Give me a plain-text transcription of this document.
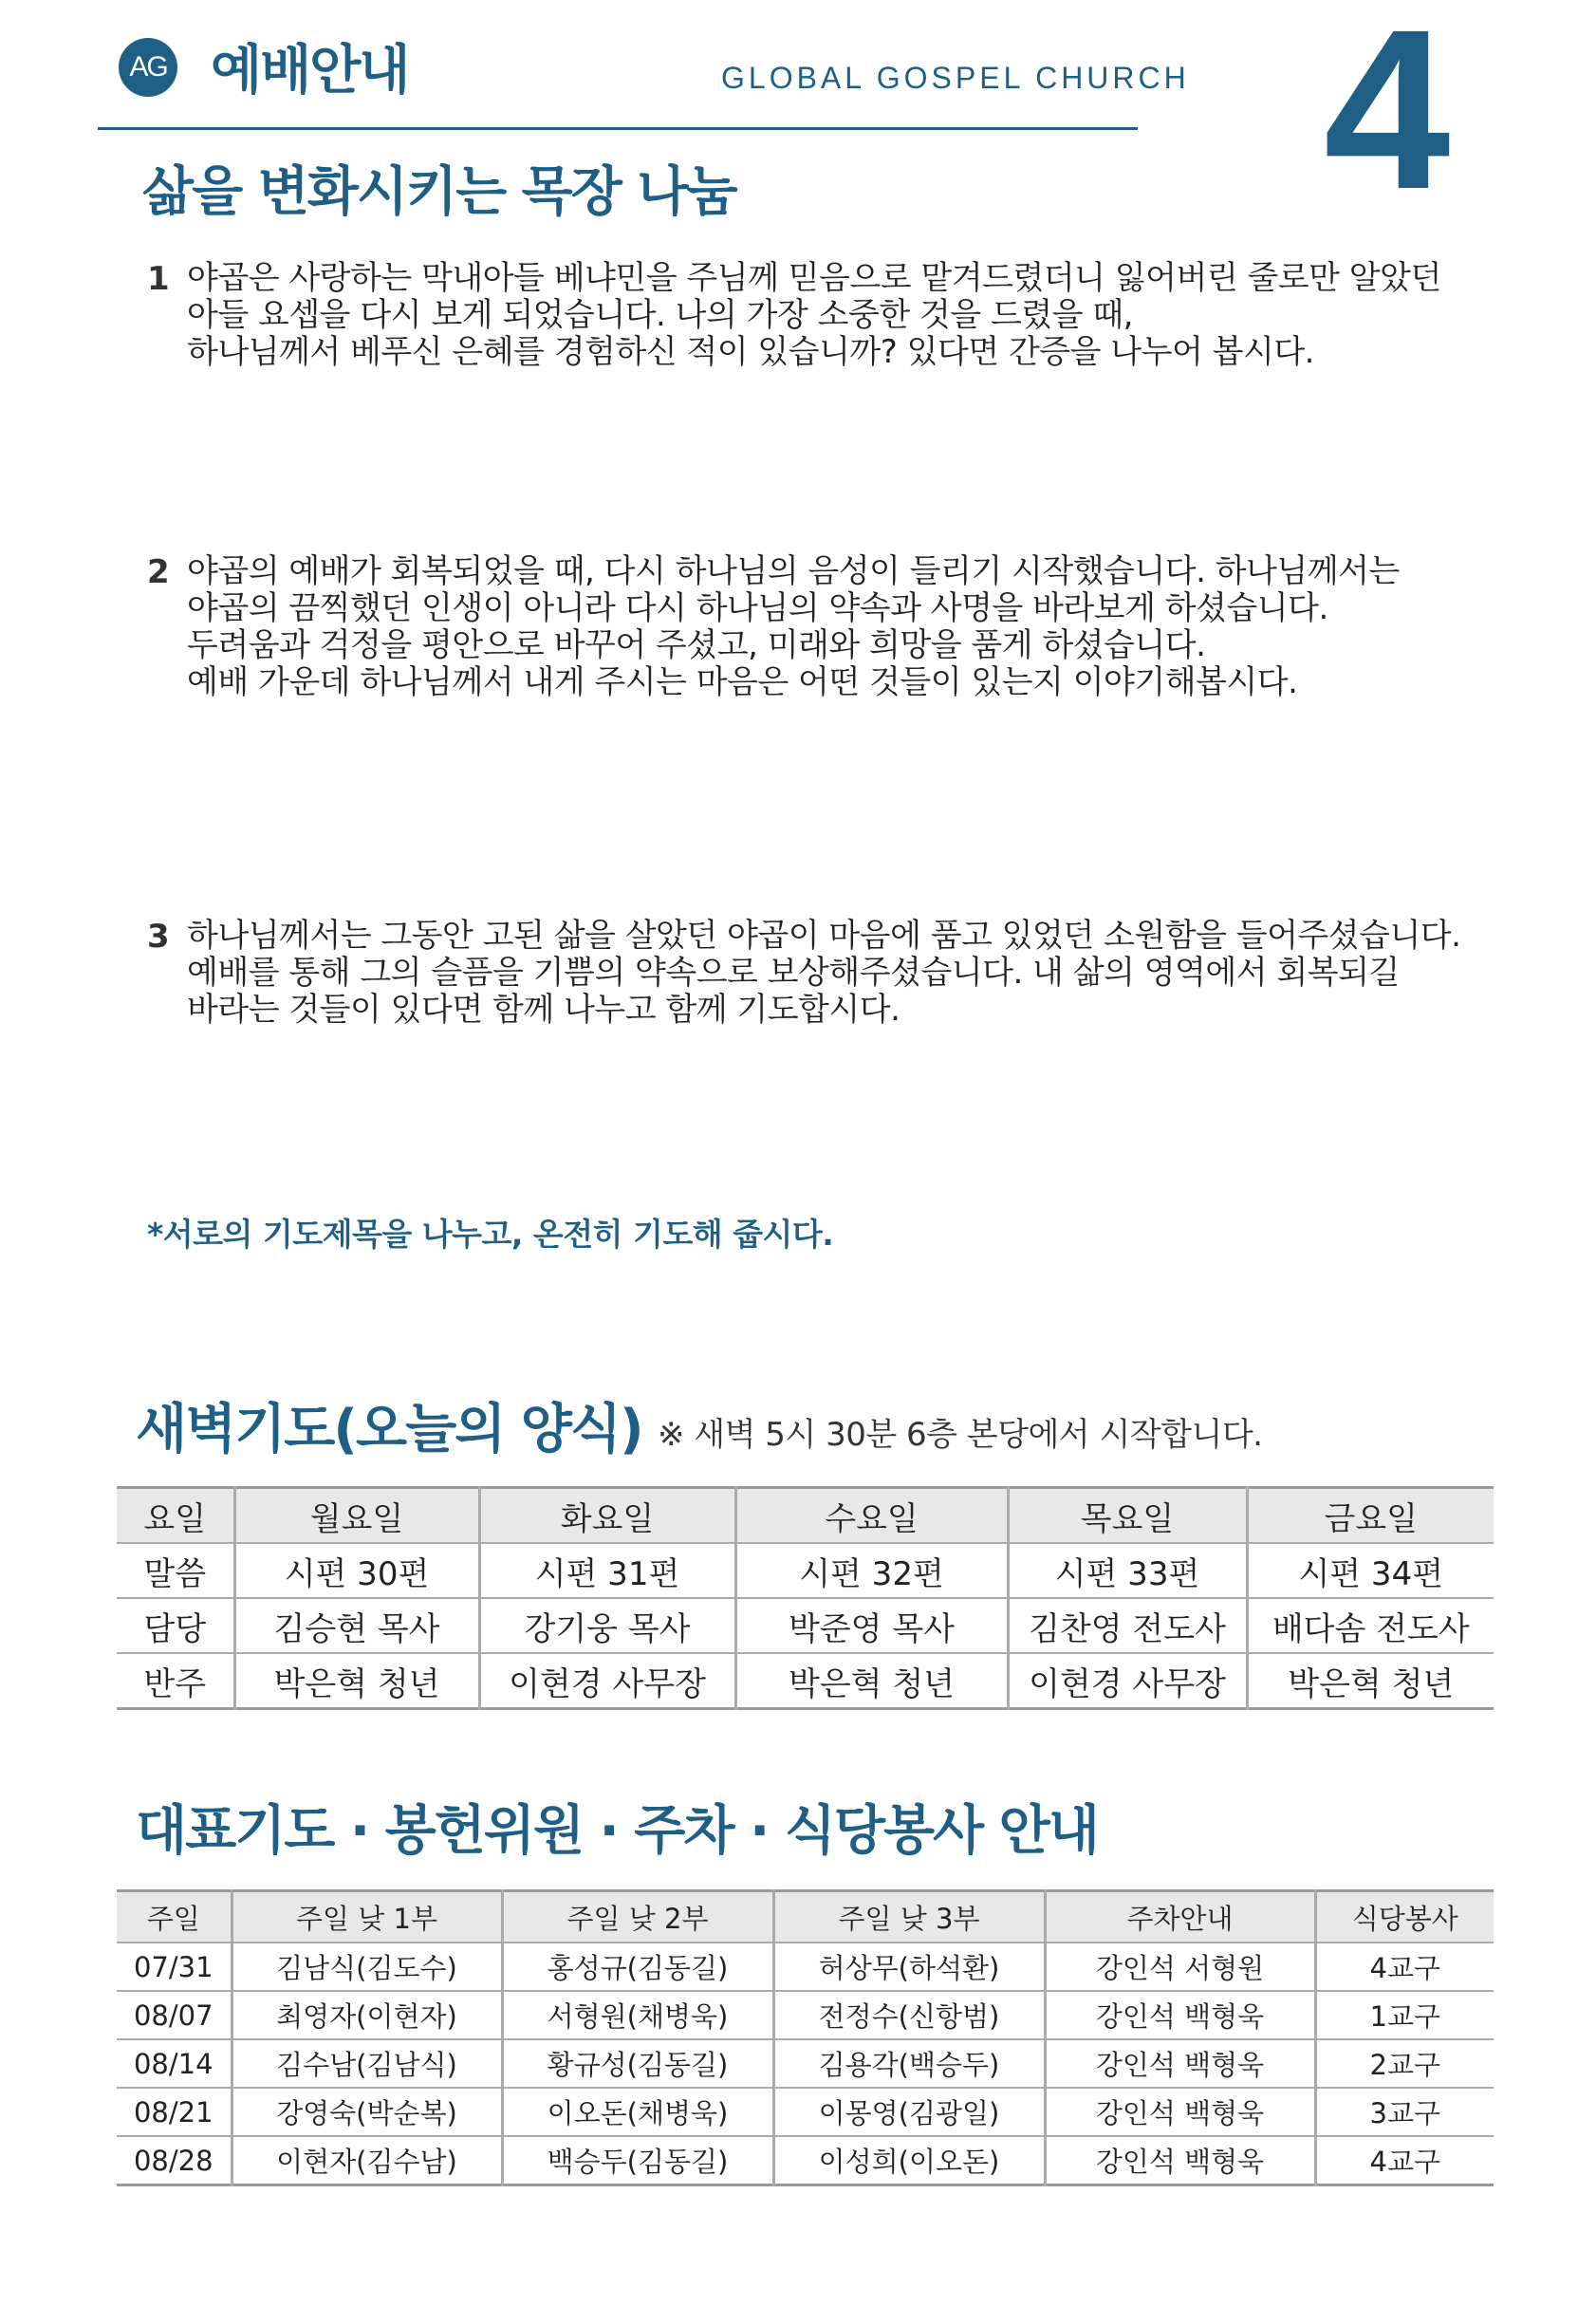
AG 예배안내	GLOBAL GOSPEL CHURCH 4
삶을 변화시키는 목장 나눔
1 야곱은 사랑하는 막내아들 베냐민을 주님께 믿음으로 맡겨드렸더니 잃어버린 줄로만 알았던
아들 요셉을 다시 보게 되었습니다. 나의 가장 소중한 것을 드렸을 때,
하나님께서 베푸신 은혜를 경험하신 적이 있습니까? 있다면 간증을 나누어 봅시다.
2 야곱의 예배가 회복되었을 때, 다시 하나님의 음성이 들리기 시작했습니다. 하나님께서는
야곱의 끔찍했던 인생이 아니라 다시 하나님의 약속과 사명을 바라보게 하셨습니다.
두려움과 걱정을 평안으로 바꾸어 주셨고, 미래와 희망을 품게 하셨습니다.
예배 가운데 하나님께서 내게 주시는 마음은 어떤 것들이 있는지 이야기해봅시다.
3 하나님께서는 그동안 고된 삶을 살았던 야곱이 마음에 품고 있었던 소원함을 들어주셨습니다.
예배를 통해 그의 슬픔을 기쁨의 약속으로 보상해주셨습니다. 내 삶의 영역에서 회복되길
바라는 것들이 있다면 함께 나누고 함께 기도합시다.
*서로의 기도제목을 나누고, 온전히 기도해 줍시다.
새벽기도(오늘의 양식) ※ 새벽 5시 30분 6층 본당에서 시작합니다.
요일	월요일	화요일	수요일	목요일	금요일
말씀	시편 30편	시편 31편	시편 32편	시편 33편	시편 34편
담당	김승현 목사	강기웅 목사	박준영 목사	김찬영 전도사	배다솜 전도사
반주	박은혁 청년	이현경 사무장	박은혁 청년	이현경 사무장	박은혁 청년
대표기도 · 봉헌위원 · 주차 · 식당봉사 안내
주일	주일 낮 1부	주일 낮 2부	주일 낮 3부	주차안내	식당봉사
07/31	김남식(김도수)	홍성규(김동길)	허상무(하석환)	강인석 서형원	4교구
08/07	최영자(이현자)	서형원(채병욱)	전정수(신항범)	강인석 백형욱	1교구
08/14	김수남(김남식)	황규성(김동길)	김용각(백승두)	강인석 백형욱	2교구
08/21	강영숙(박순복)	이오돈(채병욱)	이몽영(김광일)	강인석 백형욱	3교구
08/28	이현자(김수남)	백승두(김동길)	이성희(이오돈)	강인석 백형욱	4교구
